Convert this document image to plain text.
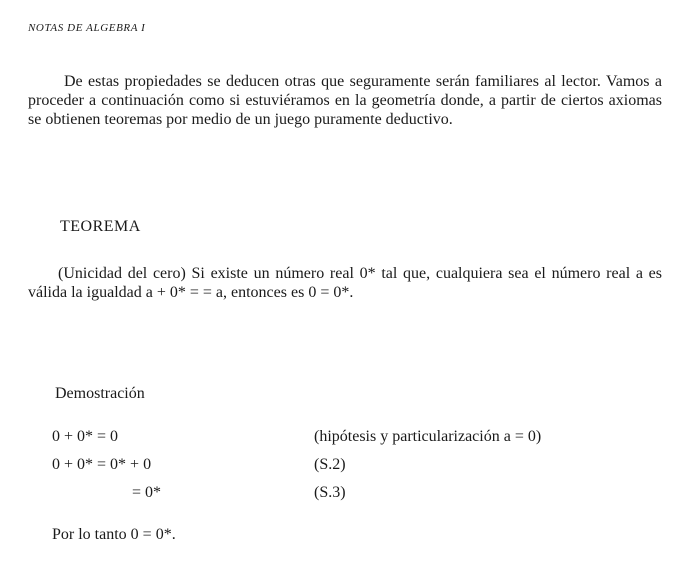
NOTAS DE ALGEBRA I

De estas propiedades se deducen otras que seguramente serán familiares al lector. Vamos a proceder a continuación como si estuviéramos en la geometría donde, a partir de ciertos axiomas se obtienen teoremas por medio de un juego puramente deductivo.

TEOREMA

(Unicidad del cero) Si existe un número real 0* tal que, cualquiera sea el número real a es válida la igualdad a + 0* = = a, entonces es 0 = 0*.

Demostración
0 + 0* = 0	(hipótesis y particularización a = 0)
0 + 0* = 0* + 0	(S.2)
= 0*	(S.3)
Por lo tanto 0 = 0*.
